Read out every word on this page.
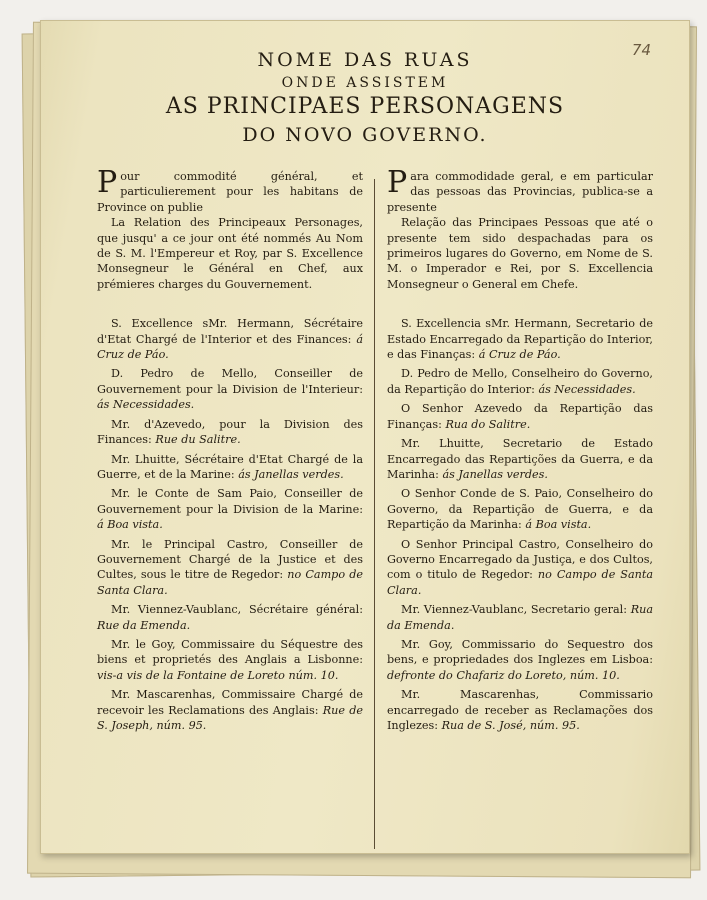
74

NOME DAS RUAS

ONDE ASSISTEM

AS PRINCIPAES PERSONAGENS

DO NOVO GOVERNO.

Pour commodité général, et particulierement pour les habitans de Province on publie

La Relation des Principeaux Personages, que jusqu' a ce jour ont été nommés Au Nom de S. M. l'Empereur et Roy, par S. Excellence Monsegneur le Général en Chef, aux prémieres charges du Gouvernement.

S. Excellence sMr. Hermann, Sécrétaire d'Etat Chargé de l'Interior et des Finances: á Cruz de Páo.

D. Pedro de Mello, Conseiller de Gouvernement pour la Division de l'Interieur: ás Necessidades.

Mr. d'Azevedo, pour la Division des Finances: Rue du Salitre.

Mr. Lhuitte, Sécrétaire d'Etat Chargé de la Guerre, et de la Marine: ás Janellas verdes.

Mr. le Conte de Sam Paio, Conseiller de Gouvernement pour la Division de la Marine: á Boa vista.

Mr. le Principal Castro, Conseiller de Gouvernement Chargé de la Justice et des Cultes, sous le titre de Regedor: no Campo de Santa Clara.

Mr. Viennez-Vaublanc, Sécrétaire général: Rue da Emenda.

Mr. le Goy, Commissaire du Séquestre des biens et proprietés des Anglais a Lisbonne: vis-a vis de la Fontaine de Loreto núm. 10.

Mr. Mascarenhas, Commissaire Chargé de recevoir les Reclamations des Anglais: Rue de S. Joseph, núm. 95.

Para commodidade geral, e em particular das pessoas das Provincias, publica-se a presente

Relação das Principaes Pessoas que até o presente tem sido despachadas para os primeiros lugares do Governo, em Nome de S. M. o Imperador e Rei, por S. Excellencia Monsegneur o General em Chefe.

S. Excellencia sMr. Hermann, Secretario de Estado Encarregado da Repartição do Interior, e das Finanças: á Cruz de Páo.

D. Pedro de Mello, Conselheiro do Governo, da Repartição do Interior: ás Necessidades.

O Senhor Azevedo da Repartição das Finanças: Rua do Salitre.

Mr. Lhuitte, Secretario de Estado Encarregado das Repartições da Guerra, e da Marinha: ás Janellas verdes.

O Senhor Conde de S. Paio, Conselheiro do Governo, da Repartição de Guerra, e da Repartição da Marinha: á Boa vista.

O Senhor Principal Castro, Conselheiro do Governo Encarregado da Justiça, e dos Cultos, com o titulo de Regedor: no Campo de Santa Clara.

Mr. Viennez-Vaublanc, Secretario geral: Rua da Emenda.

Mr. Goy, Commissario do Sequestro dos bens, e propriedades dos Inglezes em Lisboa: defronte do Chafariz do Loreto, núm. 10.

Mr. Mascarenhas, Commissario encarregado de receber as Reclamações dos Inglezes: Rua de S. José, núm. 95.
